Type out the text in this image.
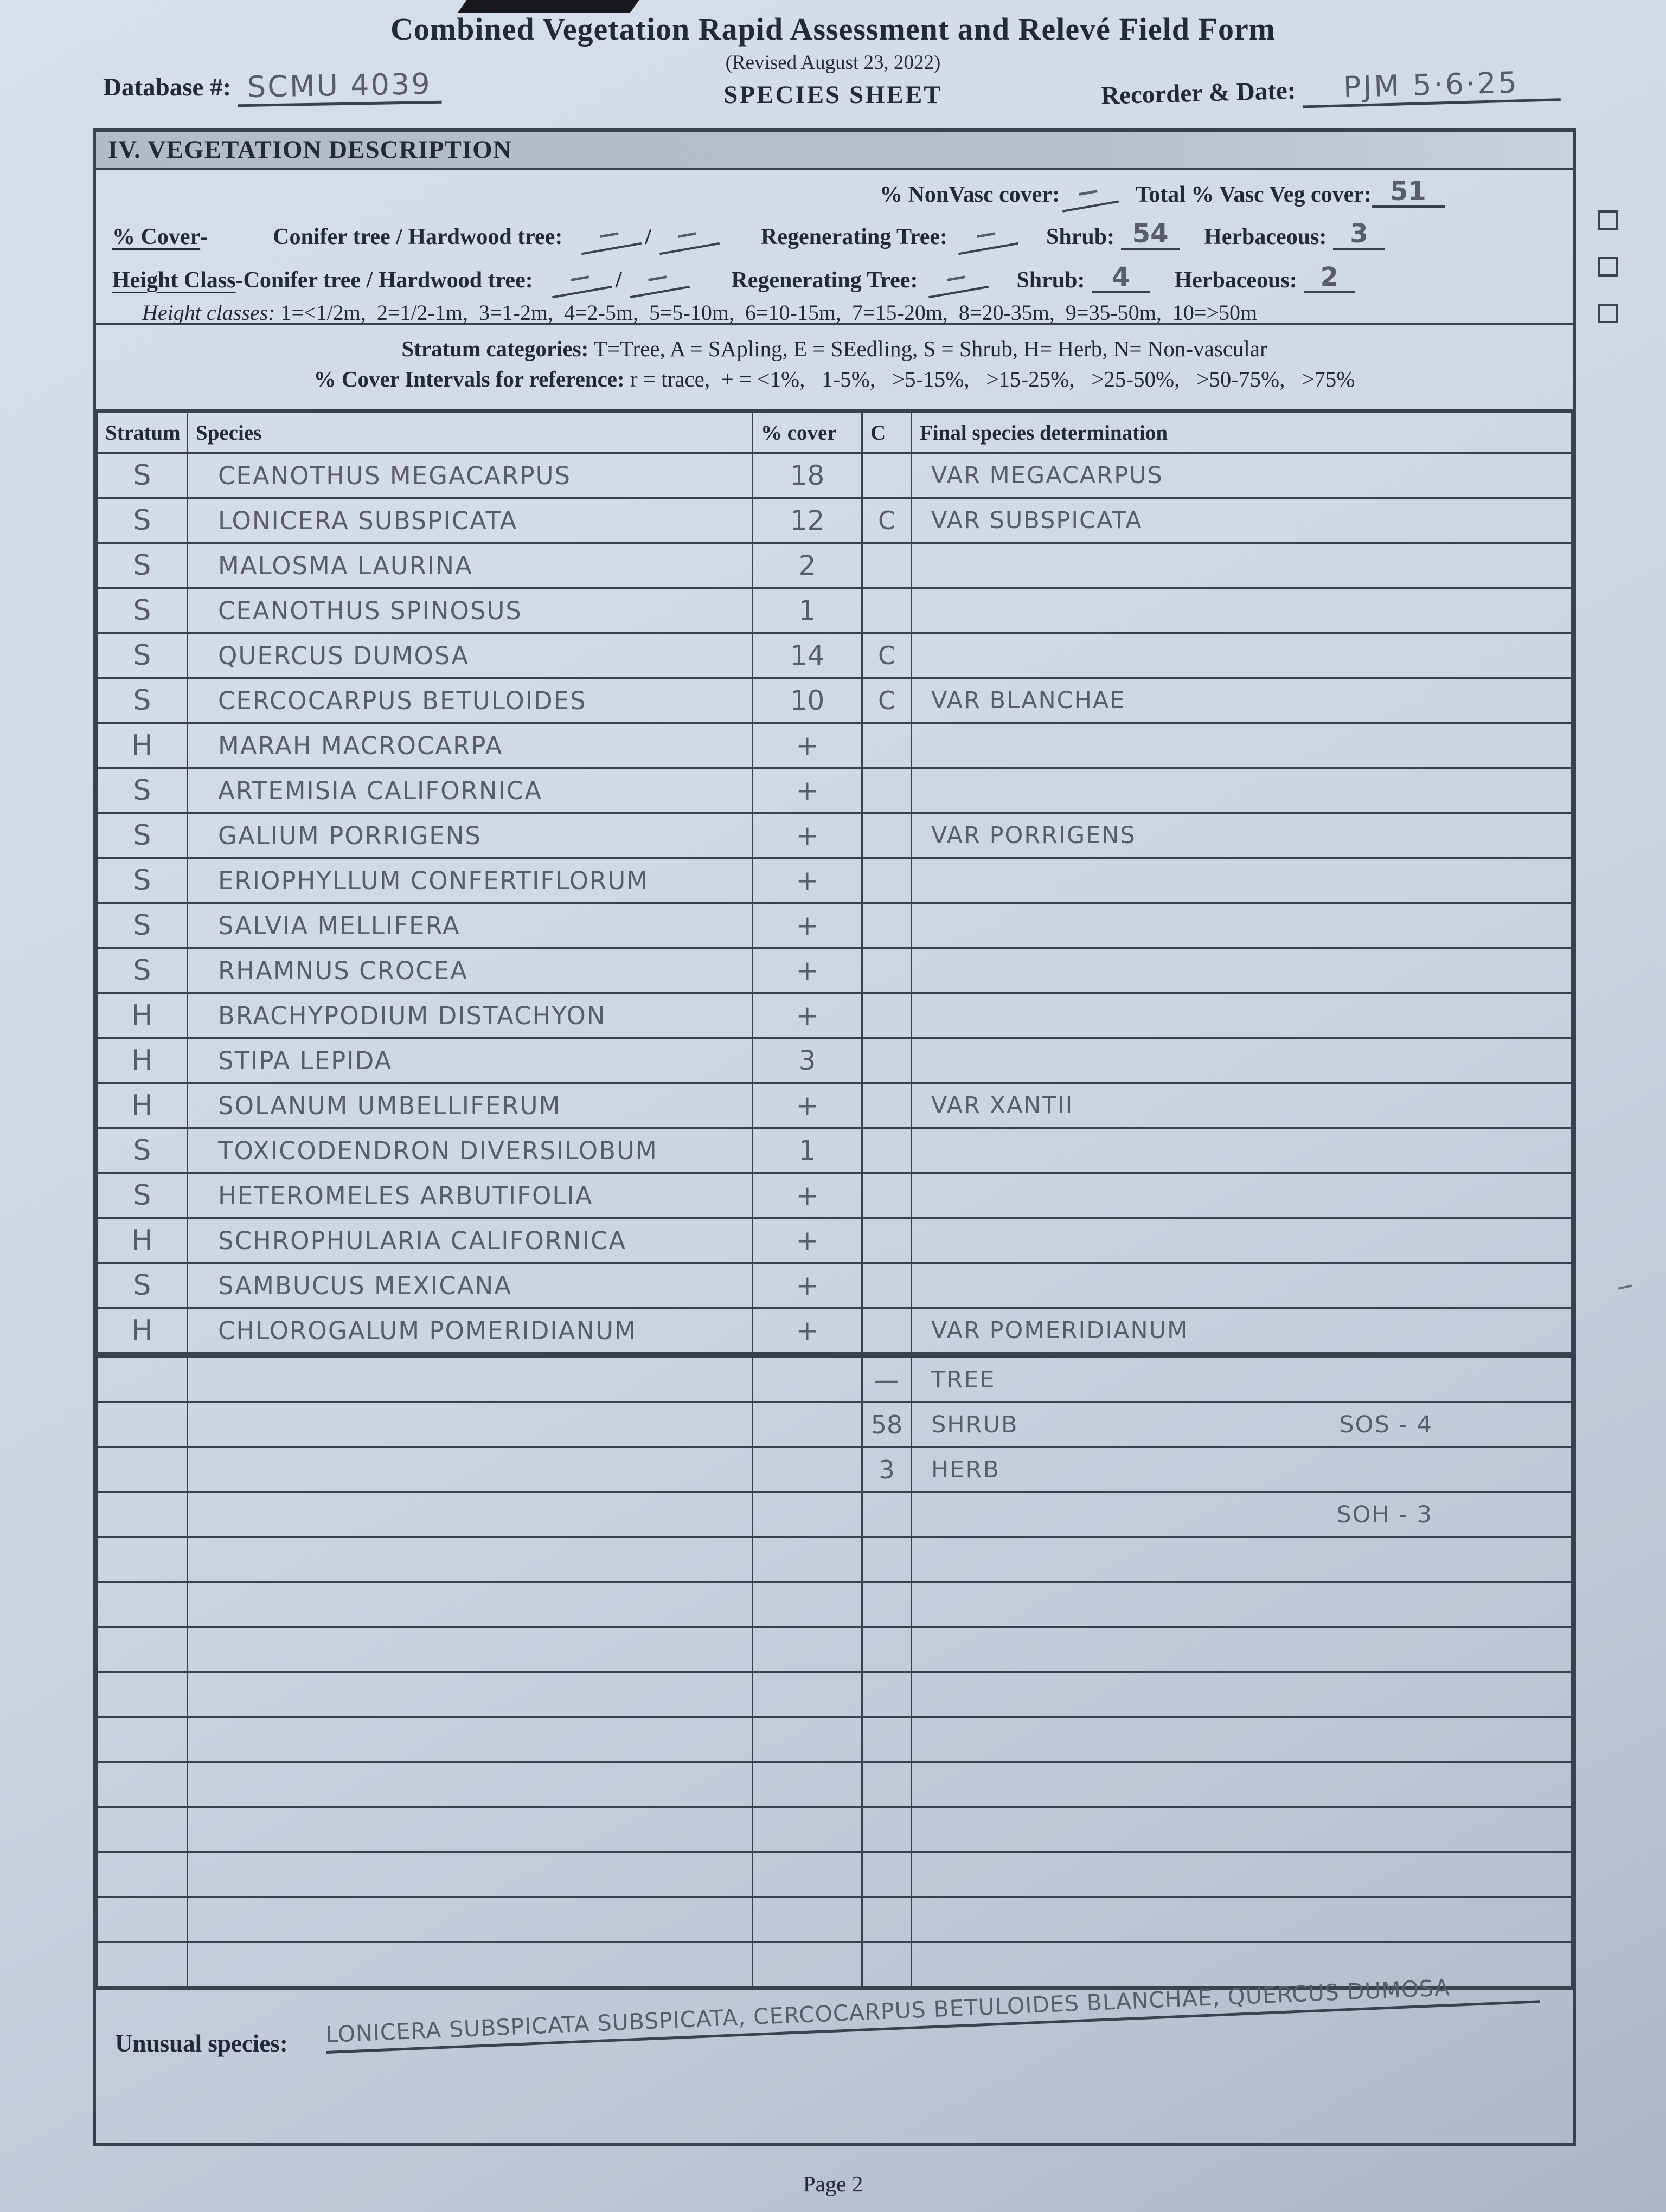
Combined Vegetation Rapid Assessment and Relevé Field Form
(Revised August 23, 2022)
SPECIES SHEET
Database #: SCMU 4039	Recorder & Date: PJM 5·6·25
IV. VEGETATION DESCRIPTION
% NonVasc cover: —	Total % Vasc Veg cover: 51
% Cover -	Conifer tree / Hardwood tree:	—	/	—	Regenerating Tree:	—	Shrub: 54	Herbaceous: 3
Height Class - Conifer tree / Hardwood tree:	—	/	—	Regenerating Tree:	—	Shrub:	4	Herbaceous: 2
Height classes: 1=<1/2m,  2=1/2-1m,  3=1-2m,  4=2-5m,  5=5-10m,  6=10-15m,  7=15-20m,  8=20-35m,  9=35-50m,  10=>50m
Stratum categories: T=Tree, A = SApling, E = SEedling, S = Shrub, H= Herb, N= Non-vascular
% Cover Intervals for reference: r = trace,  + = <1%,   1-5%,   >5-15%,   >15-25%,   >25-50%,   >50-75%,   >75%
Stratum	Species	% cover	C	Final species determination
S	CEANOTHUS MEGACARPUS	18		VAR MEGACARPUS
S	LONICERA SUBSPICATA	12	C	VAR SUBSPICATA
S	MALOSMA LAURINA	2		
S	CEANOTHUS SPINOSUS	1		
S	QUERCUS DUMOSA	14	C	
S	CERCOCARPUS BETULOIDES	10	C	VAR BLANCHAE
H	MARAH MACROCARPA	+		
S	ARTEMISIA CALIFORNICA	+		
S	GALIUM PORRIGENS	+		VAR PORRIGENS
S	ERIOPHYLLUM CONFERTIFLORUM	+		
S	SALVIA MELLIFERA	+		
S	RHAMNUS CROCEA	+		
H	BRACHYPODIUM DISTACHYON	+		
H	STIPA LEPIDA	3		
H	SOLANUM UMBELLIFERUM	+		VAR XANTII
S	TOXICODENDRON DIVERSILOBUM	1		
S	HETEROMELES ARBUTIFOLIA	+		
H	SCHROPHULARIA CALIFORNICA	+		
S	SAMBUCUS MEXICANA	+		
H	CHLOROGALUM POMERIDIANUM	+		VAR POMERIDIANUM
			—	TREE

			58	SHRUB SOS - 4

			3	HERB

				SOH - 3

Unusual species: LONICERA SUBSPICATA SUBSPICATA, CERCOCARPUS BETULOIDES BLANCHAE, QUERCUS DUMOSA
Page 2
